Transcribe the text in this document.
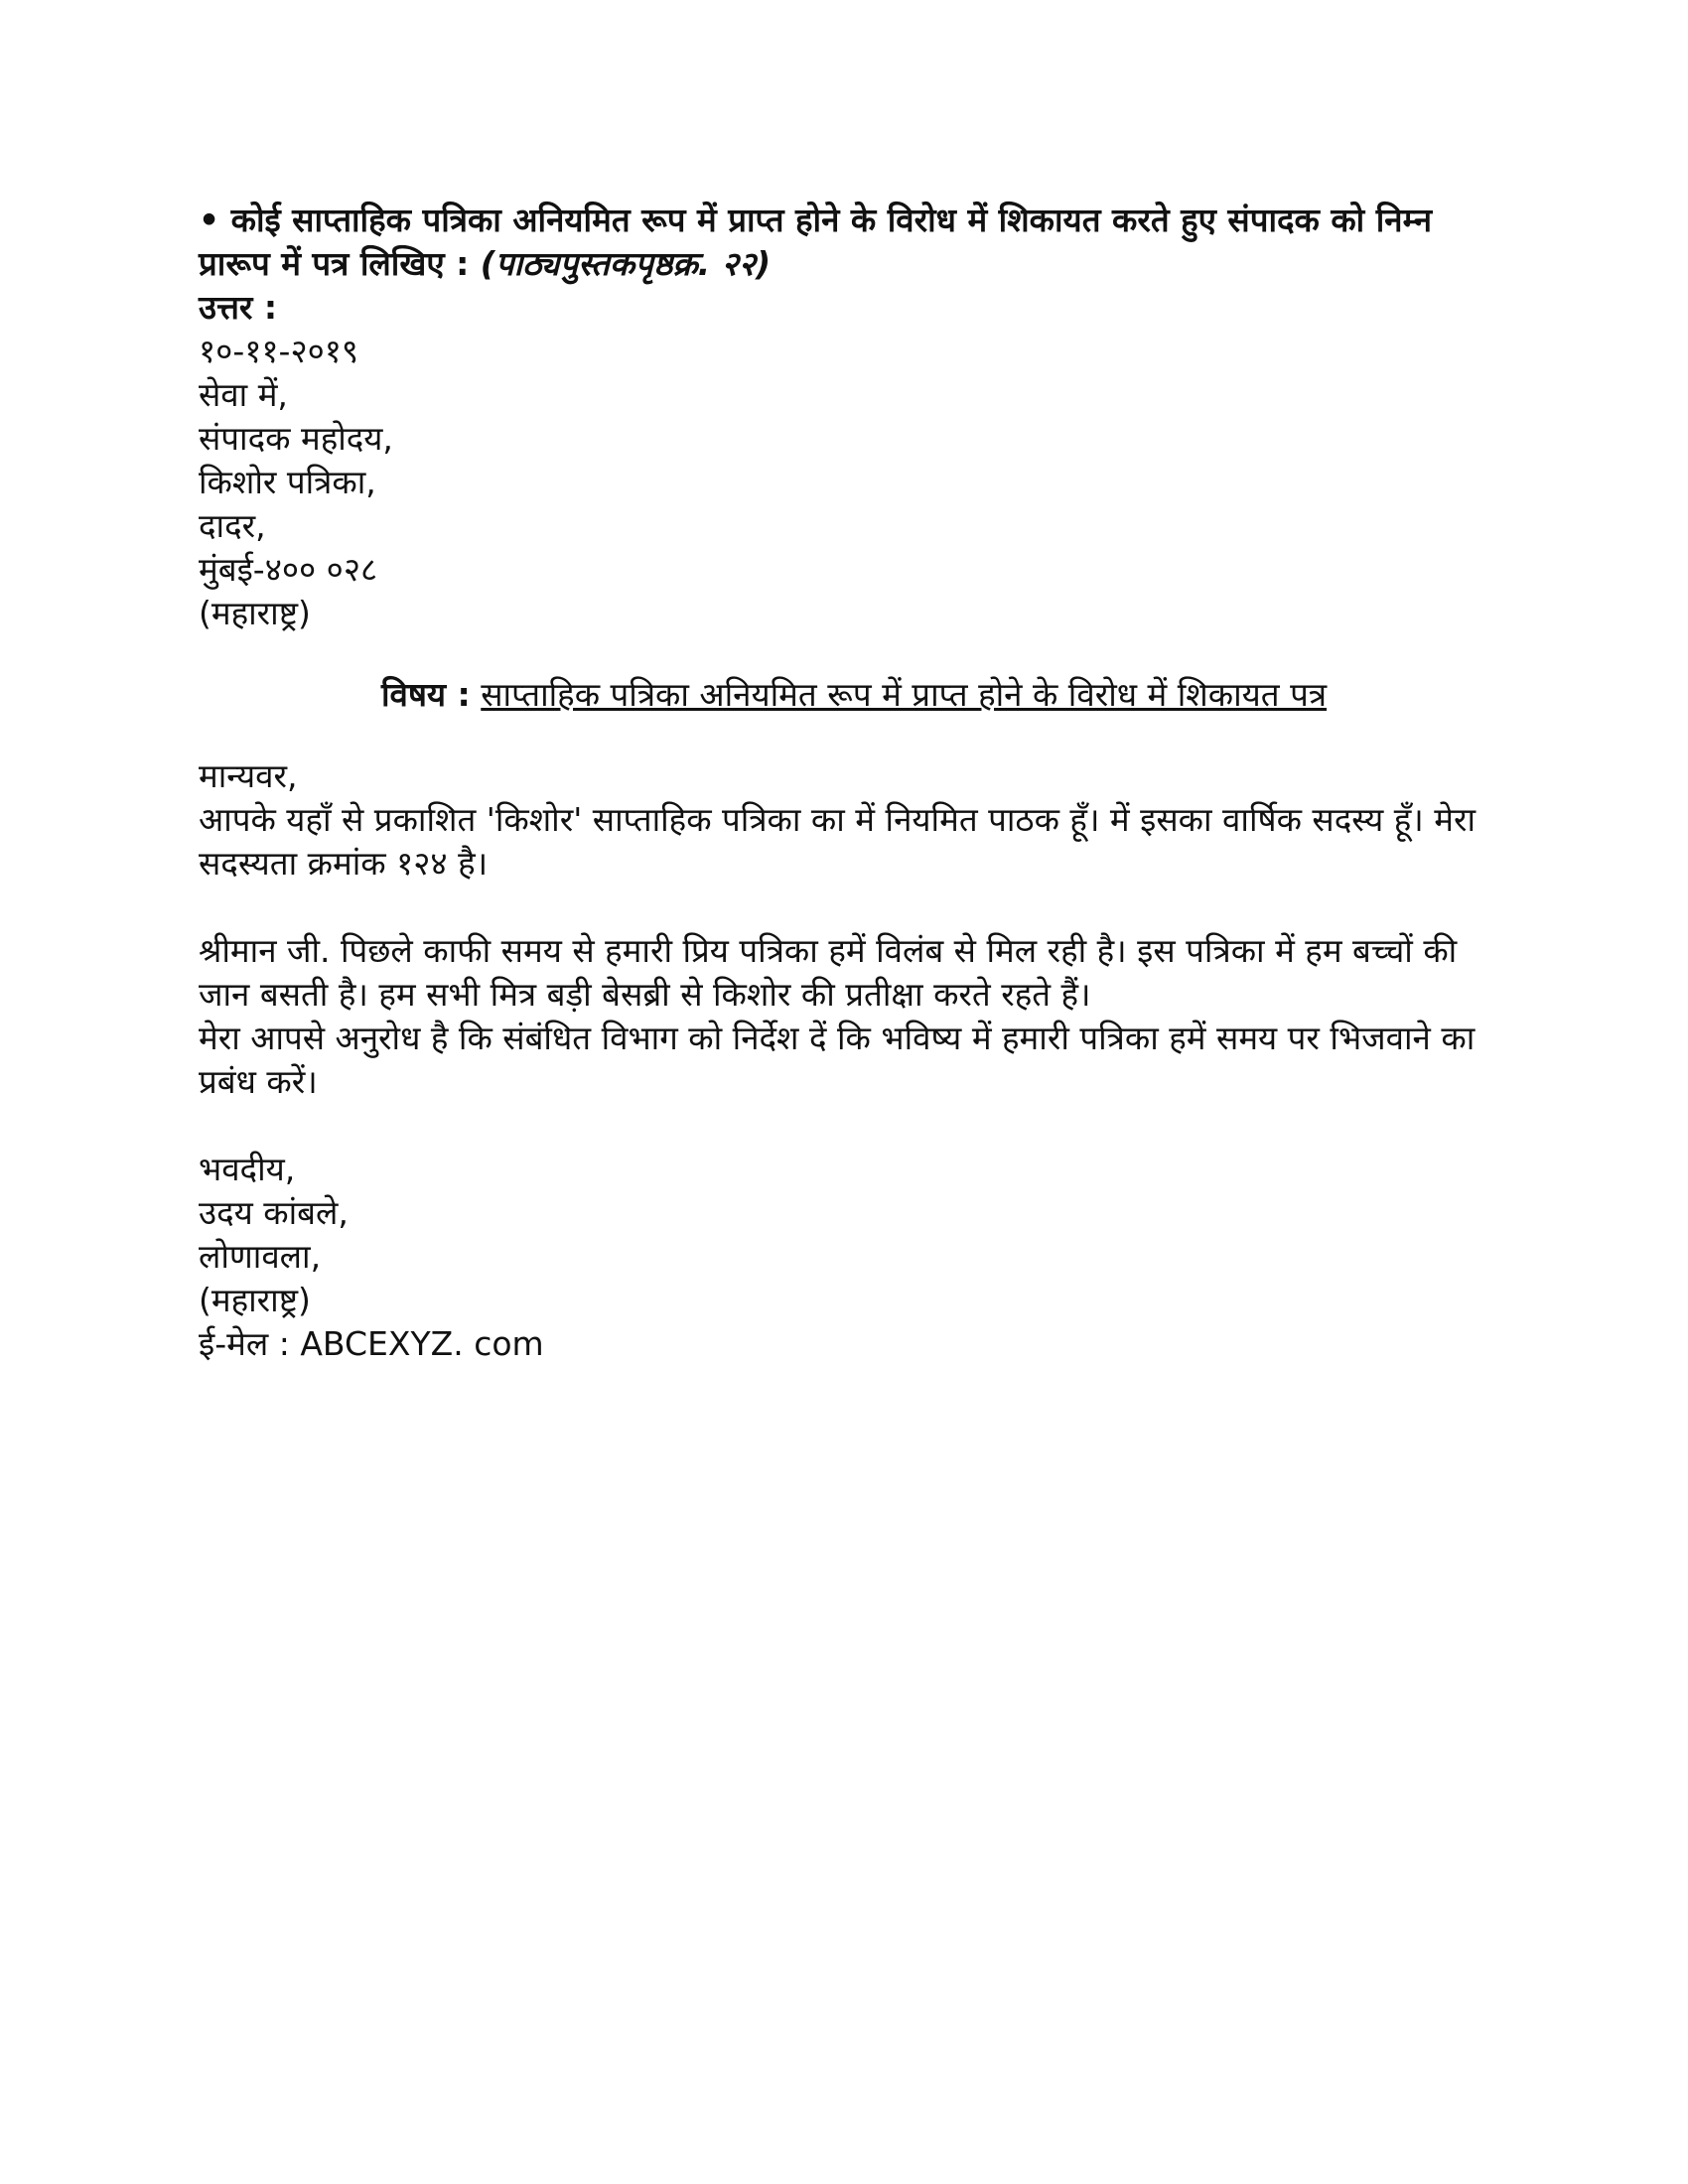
• कोई साप्ताहिक पत्रिका अनियमित रूप में प्राप्त होने के विरोध में शिकायत करते हुए संपादक को निम्न प्रारूप में पत्र लिखिए : (पाठ्यपुस्तकपृष्ठक्र. २२)
उत्तर :
१०-११-२०१९
सेवा में,
संपादक महोदय,
किशोर पत्रिका,
दादर,
मुंबई-४०० ०२८
(महाराष्ट्र)
विषय : साप्ताहिक पत्रिका अनियमित रूप में प्राप्त होने के विरोध में शिकायत पत्र
मान्यवर,
आपके यहाँ से प्रकाशित 'किशोर' साप्ताहिक पत्रिका का में नियमित पाठक हूँ। में इसका वार्षिक सदस्य हूँ। मेरा सदस्यता क्रमांक १२४ है।
श्रीमान जी. पिछले काफी समय से हमारी प्रिय पत्रिका हमें विलंब से मिल रही है। इस पत्रिका में हम बच्चों की जान बसती है। हम सभी मित्र बड़ी बेसब्री से किशोर की प्रतीक्षा करते रहते हैं।
मेरा आपसे अनुरोध है कि संबंधित विभाग को निर्देश दें कि भविष्य में हमारी पत्रिका हमें समय पर भिजवाने का प्रबंध करें।
भवदीय,
उदय कांबले,
लोणावला,
(महाराष्ट्र)
ई-मेल : ABCEXYZ. com
